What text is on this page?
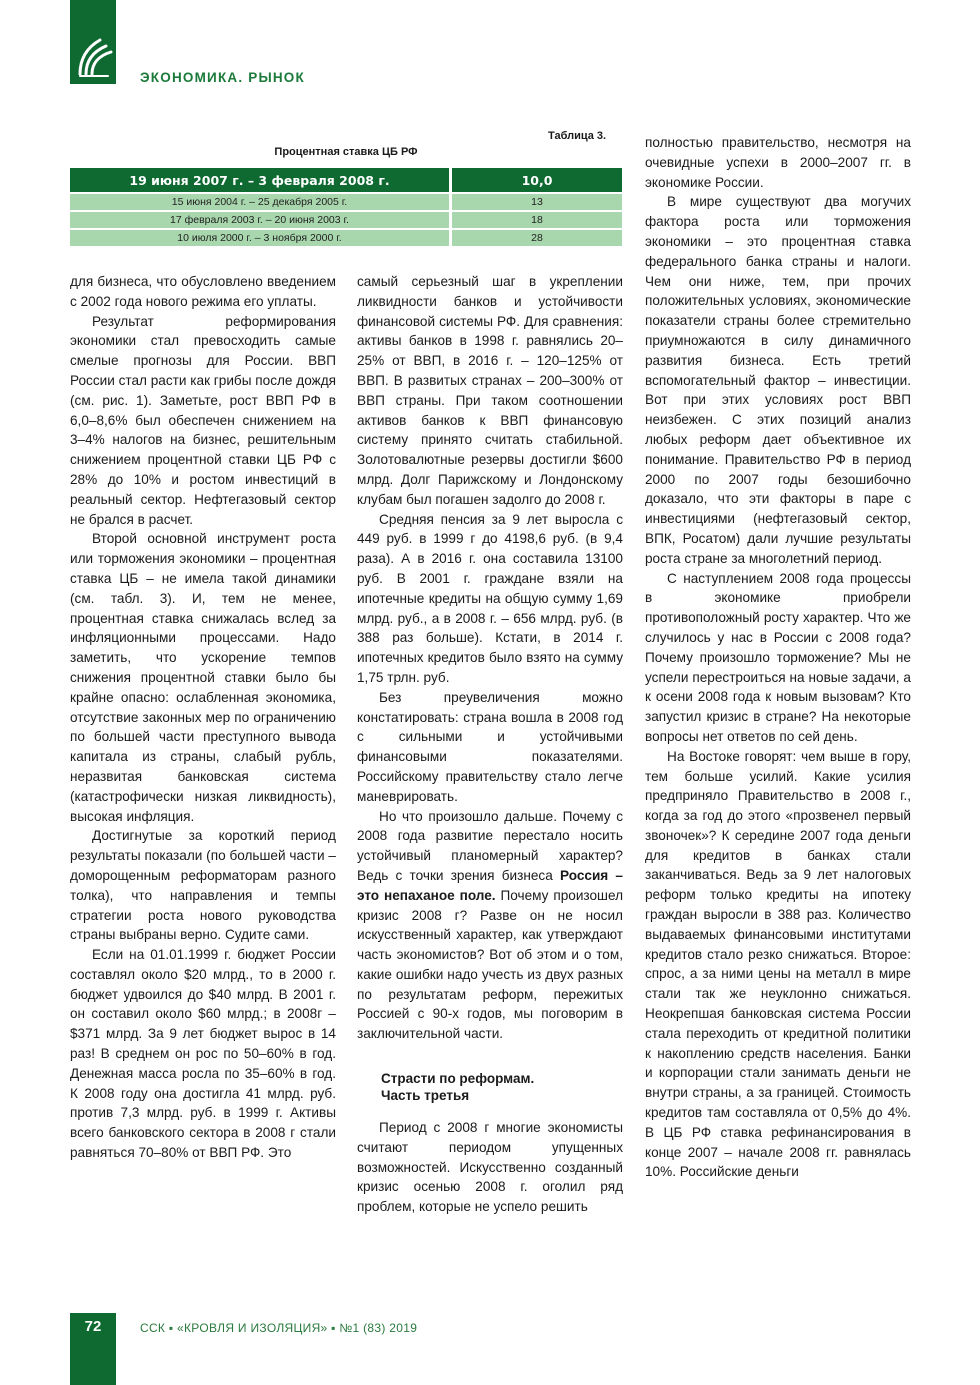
ЭКОНОМИКА. РЫНОК
Таблица 3.
Процентная ставка ЦБ РФ
19 июня 2007 г. – 3 февраля 2008 г.	10,0
15 июня 2004 г. – 25 декабря 2005 г.	13
17 февраля 2003 г. – 20 июня 2003 г.	18
10 июля 2000 г. – 3 ноября 2000 г.	28

для бизнеса, что обусловлено введением с 2002 года нового режима его уплаты.

Результат реформирования экономики стал превосходить самые смелые прогнозы для России. ВВП России стал расти как грибы после дождя (см. рис. 1). Заметьте, рост ВВП РФ в 6,0–8,6% был обеспечен снижением на 3–4% налогов на бизнес, решительным снижением процентной ставки ЦБ РФ с 28% до 10% и ростом инвестиций в реальный сектор. Нефтегазовый сектор не брался в расчет.

Второй основной инструмент роста или торможения экономики – процентная ставка ЦБ – не имела такой динамики (см. табл. 3). И, тем не менее, процентная ставка снижалась вслед за инфляционными процессами. Надо заметить, что ускорение темпов снижения процентной ставки было бы крайне опасно: ослабленная экономика, отсутствие законных мер по ограничению по большей части преступного вывода капитала из страны, слабый рубль, неразвитая банковская система (катастрофически низкая ликвидность), высокая инфляция.

Достигнутые за короткий период результаты показали (по большей части – доморощенным реформаторам разного толка), что направления и темпы стратегии роста нового руководства страны выбраны верно. Судите сами.

Если на 01.01.1999 г. бюджет России составлял около $20 млрд., то в 2000 г. бюджет удвоился до $40 млрд. В 2001 г. он составил около $60 млрд.; в 2008г – $371 млрд. За 9 лет бюджет вырос в 14 раз! В среднем он рос по 50–60% в год. Денежная масса росла по 35–60% в год. К 2008 году она достигла 41 млрд. руб. против 7,3 млрд. руб. в 1999 г. Активы всего банковского сектора в 2008 г стали равняться 70–80% от ВВП РФ. Это

самый серьезный шаг в укреплении ликвидности банков и устойчивости финансовой системы РФ. Для сравнения: активы банков в 1998 г. равнялись 20–25% от ВВП, в 2016 г. – 120–125% от ВВП. В развитых странах – 200–300% от ВВП страны. При таком соотношении активов банков к ВВП финансовую систему принято считать стабильной. Золотовалютные резервы достигли $600 млрд. Долг Парижскому и Лондонскому клубам был погашен задолго до 2008 г.

Средняя пенсия за 9 лет выросла с 449 руб. в 1999 г до 4198,6 руб. (в 9,4 раза). А в 2016 г. она составила 13100 руб. В 2001 г. граждане взяли на ипотечные кредиты на общую сумму 1,69 млрд. руб., а в 2008 г. – 656 млрд. руб. (в 388 раз больше). Кстати, в 2014 г. ипотечных кредитов было взято на сумму 1,75 трлн. руб.

Без преувеличения можно констатировать: страна вошла в 2008 год с сильными и устойчивыми финансовыми показателями. Российскому правительству стало легче маневрировать.

Но что произошло дальше. Почему с 2008 года развитие перестало носить устойчивый планомерный характер? Ведь с точки зрения бизнеса Россия – это непаханое поле. Почему произошел кризис 2008 г? Разве он не носил искусственный характер, как утверждают часть экономистов? Вот об этом и о том, какие ошибки надо учесть из двух разных по результатам реформ, пережитых Россией с 90-х годов, мы поговорим в заключительной части.

Страсти по реформам.
Часть третья

Период с 2008 г многие экономисты считают периодом упущенных возможностей. Искусственно созданный кризис осенью 2008 г. оголил ряд проблем, которые не успело решить

полностью правительство, несмотря на очевидные успехи в 2000–2007 гг. в экономике России.

В мире существуют два могучих фактора роста или торможения экономики – это процентная ставка федерального банка страны и налоги. Чем они ниже, тем, при прочих положительных условиях, экономические показатели страны более стремительно приумножаются в силу динамичного развития бизнеса. Есть третий вспомогательный фактор – инвестиции. Вот при этих условиях рост ВВП неизбежен. С этих позиций анализ любых реформ дает объективное их понимание. Правительство РФ в период 2000 по 2007 годы безошибочно доказало, что эти факторы в паре с инвестициями (нефтегазовый сектор, ВПК, Росатом) дали лучшие результаты роста стране за многолетний период.

С наступлением 2008 года процессы в экономике приобрели противоположный росту характер. Что же случилось у нас в России с 2008 года? Почему произошло торможение? Мы не успели перестроиться на новые задачи, а к осени 2008 года к новым вызовам? Кто запустил кризис в стране? На некоторые вопросы нет ответов по сей день.

На Востоке говорят: чем выше в гору, тем больше усилий. Какие усилия предприняло Правительство в 2008 г., когда за год до этого «прозвенел первый звоночек»? К середине 2007 года деньги для кредитов в банках стали заканчиваться. Ведь за 9 лет налоговых реформ только кредиты на ипотеку граждан выросли в 388 раз. Количество выдаваемых финансовыми институтами кредитов стало резко снижаться. Второе: спрос, а за ними цены на металл в мире стали так же неуклонно снижаться. Неокрепшая банковская система России стала переходить от кредитной политики к накоплению средств населения. Банки и корпорации стали занимать деньги не внутри страны, а за границей. Стоимость кредитов там составляла от 0,5% до 4%. В ЦБ РФ ставка рефинансирования в конце 2007 – начале 2008 гг. равнялась 10%. Российские деньги

72	ССК ▪ «КРОВЛЯ И ИЗОЛЯЦИЯ» ▪ №1 (83) 2019
